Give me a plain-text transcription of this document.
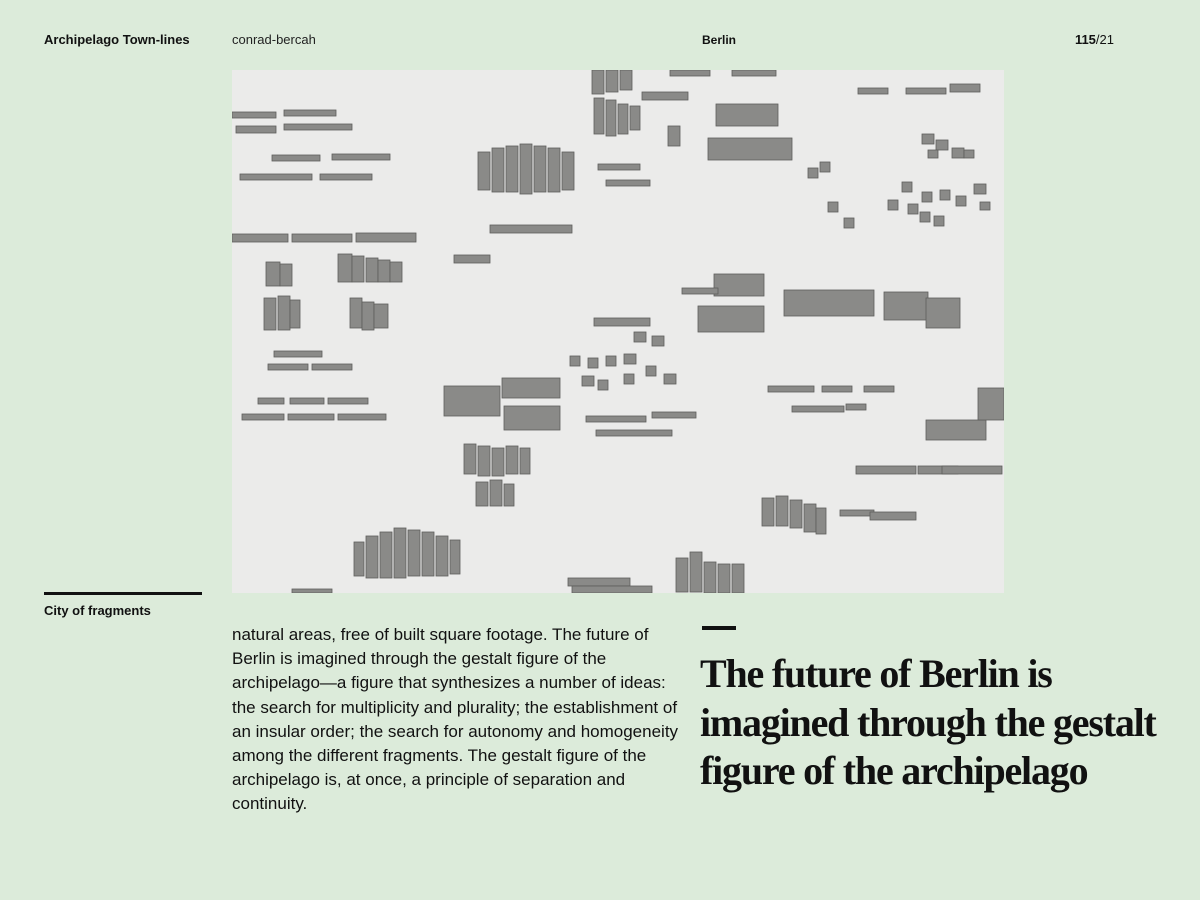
Archipelago Town-lines	conrad-bercah	Berlin	115/21
City of fragments

natural areas, free of built square footage. The future of Berlin is imagined through the gestalt figure of the archipelago—a figure that synthesizes a number of ideas: the search for multiplicity and plurality; the establishment of an insular order; the search for autonomy and homogeneity among the different fragments. The gestalt figure of the archipelago is, at once, a principle of separation and continuity.

The future of Berlin is imagined through the gestalt figure of the archipelago
